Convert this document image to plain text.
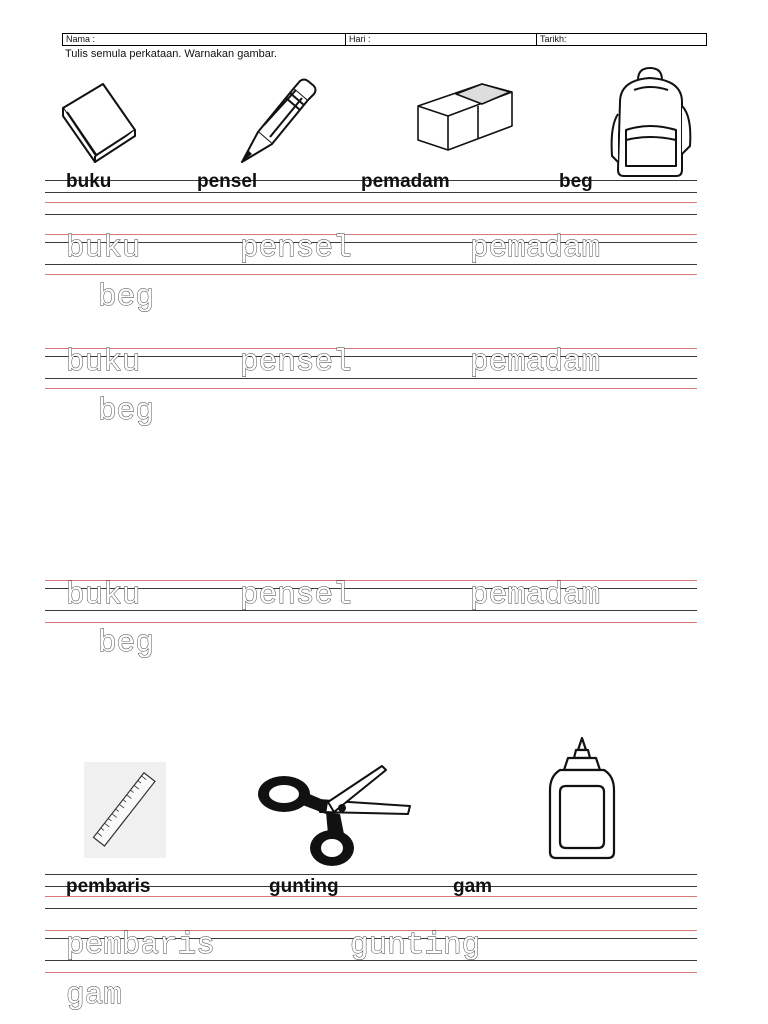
Nama :	Hari :	Tarikh:
Tulis semula perkataan. Warnakan gambar.
buku	pensel	pemadam	beg
buku	pensel	pemadam
beg
buku	pensel	pemadam
beg
buku	pensel	pemadam
beg
pembaris	gunting	gam
pembaris	gunting
gam
